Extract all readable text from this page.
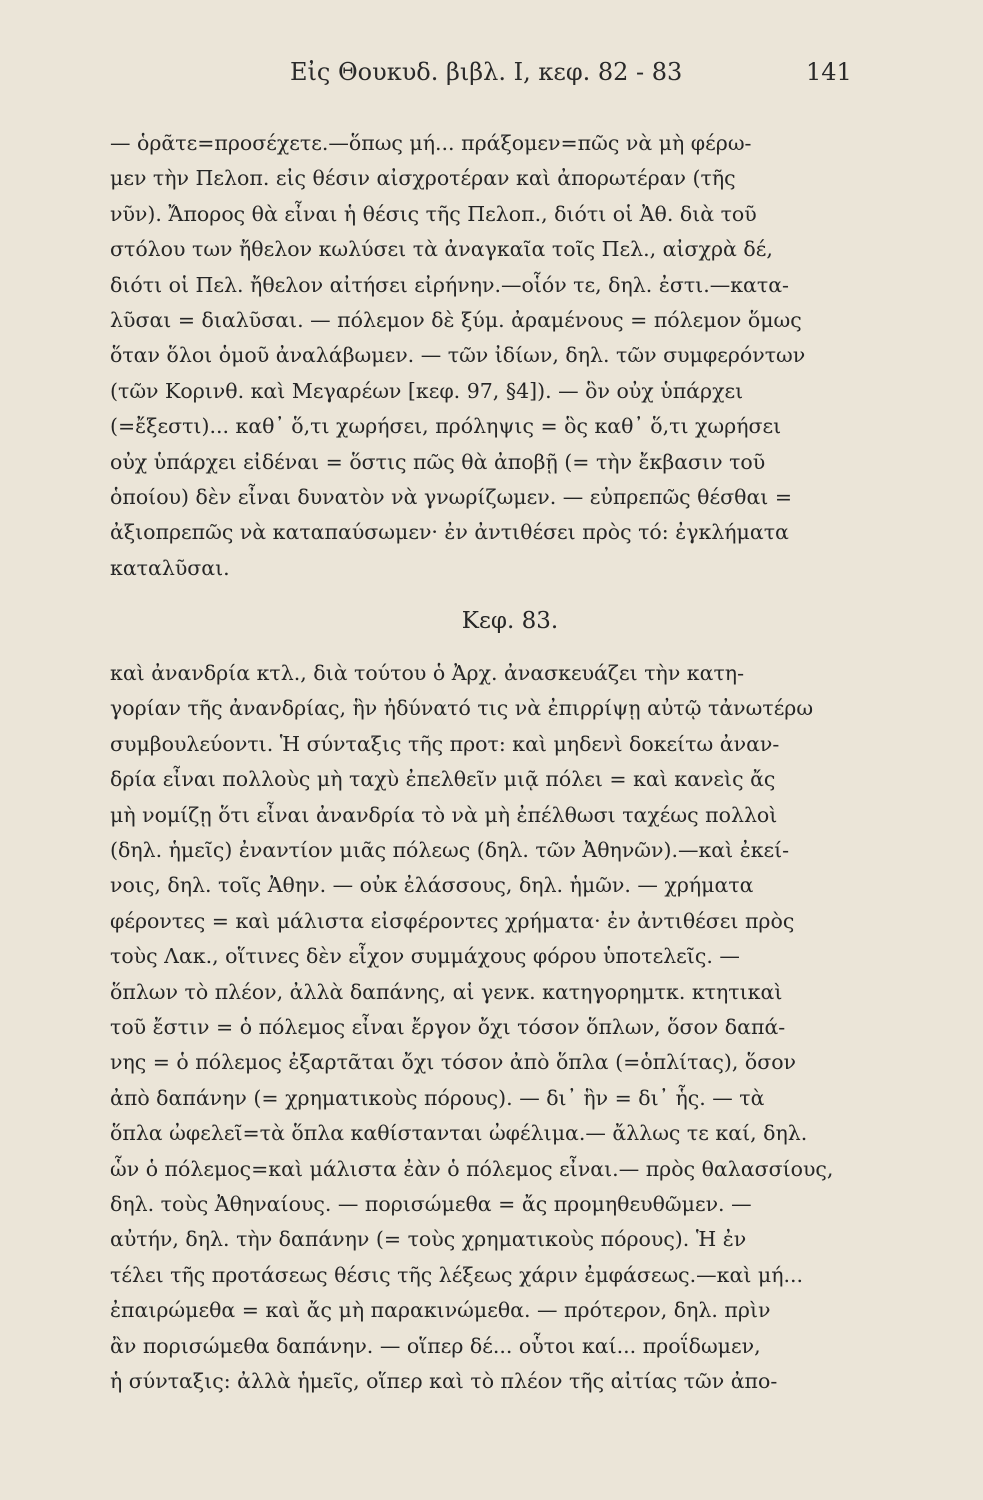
Εἰς Θουκυδ. βιβλ. Ι, κεφ. 82 - 83	141
— ὁρᾶτε=προσέχετε.—ὅπως μή... πράξομεν=πῶς νὰ μὴ φέρω-
μεν τὴν Πελοπ. εἰς θέσιν αἰσχροτέραν καὶ ἀπορωτέραν (τῆς
νῦν). Ἄπορος θὰ εἶναι ἡ θέσις τῆς Πελοπ., διότι οἱ Ἀθ. διὰ τοῦ
στόλου των ἤθελον κωλύσει τὰ ἀναγκαῖα τοῖς Πελ., αἰσχρὰ δέ,
διότι οἱ Πελ. ἤθελον αἰτήσει εἰρήνην.—οἷόν τε, δηλ. ἐστι.—κατα-
λῦσαι = διαλῦσαι. — πόλεμον δὲ ξύμ. ἀραμένους = πόλεμον ὅμως
ὅταν ὅλοι ὁμοῦ ἀναλάβωμεν. — τῶν ἰδίων, δηλ. τῶν συμφερόντων
(τῶν Κορινθ. καὶ Μεγαρέων [κεφ. 97, §4]). — ὃν οὐχ ὑπάρχει
(=ἔξεστι)... καθ᾽ ὅ,τι χωρήσει, πρόληψις = ὃς καθ᾽ ὅ,τι χωρήσει
οὐχ ὑπάρχει εἰδέναι = ὅστις πῶς θὰ ἀποβῇ (= τὴν ἔκβασιν τοῦ
ὁποίου) δὲν εἶναι δυνατὸν νὰ γνωρίζωμεν. — εὐπρεπῶς θέσθαι =
ἀξιοπρεπῶς νὰ καταπαύσωμεν· ἐν ἀντιθέσει πρὸς τό: ἐγκλήματα
καταλῦσαι.
Κεφ. 83.
καὶ ἀνανδρία κτλ., διὰ τούτου ὁ Ἀρχ. ἀνασκευάζει τὴν κατη-
γορίαν τῆς ἀνανδρίας, ἣν ἠδύνατό τις νὰ ἐπιρρίψῃ αὐτῷ τἀνωτέρω
συμβουλεύοντι. Ἡ σύνταξις τῆς προτ: καὶ μηδενὶ δοκείτω ἀναν-
δρία εἶναι πολλοὺς μὴ ταχὺ ἐπελθεῖν μιᾷ πόλει = καὶ κανεὶς ἄς
μὴ νομίζῃ ὅτι εἶναι ἀνανδρία τὸ νὰ μὴ ἐπέλθωσι ταχέως πολλοὶ
(δηλ. ἡμεῖς) ἐναντίον μιᾶς πόλεως (δηλ. τῶν Ἀθηνῶν).—καὶ ἐκεί-
νοις, δηλ. τοῖς Ἀθην. — οὐκ ἐλάσσους, δηλ. ἡμῶν. — χρήματα
φέροντες = καὶ μάλιστα εἰσφέροντες χρήματα· ἐν ἀντιθέσει πρὸς
τοὺς Λακ., οἵτινες δὲν εἶχον συμμάχους φόρου ὑποτελεῖς. —
ὅπλων τὸ πλέον, ἀλλὰ δαπάνης, αἱ γενκ. κατηγορημτκ. κτητικαὶ
τοῦ ἔστιν = ὁ πόλεμος εἶναι ἔργον ὄχι τόσον ὅπλων, ὅσον δαπά-
νης = ὁ πόλεμος ἐξαρτᾶται ὄχι τόσον ἀπὸ ὅπλα (=ὁπλίτας), ὅσον
ἀπὸ δαπάνην (= χρηματικοὺς πόρους). — δι᾽ ἣν = δι᾽ ἧς. — τὰ
ὅπλα ὠφελεῖ=τὰ ὅπλα καθίστανται ὠφέλιμα.— ἄλλως τε καί, δηλ.
ὧν ὁ πόλεμος=καὶ μάλιστα ἐὰν ὁ πόλεμος εἶναι.— πρὸς θαλασσίους,
δηλ. τοὺς Ἀθηναίους. — πορισώμεθα = ἄς προμηθευθῶμεν. —
αὐτήν, δηλ. τὴν δαπάνην (= τοὺς χρηματικοὺς πόρους). Ἡ ἐν
τέλει τῆς προτάσεως θέσις τῆς λέξεως χάριν ἐμφάσεως.—καὶ μή...
ἐπαιρώμεθα = καὶ ἄς μὴ παρακινώμεθα. — πρότερον, δηλ. πρὶν
ἂν πορισώμεθα δαπάνην. — οἵπερ δέ... οὗτοι καί... προΐδωμεν,
ἡ σύνταξις: ἀλλὰ ἡμεῖς, οἵπερ καὶ τὸ πλέον τῆς αἰτίας τῶν ἀπο-
